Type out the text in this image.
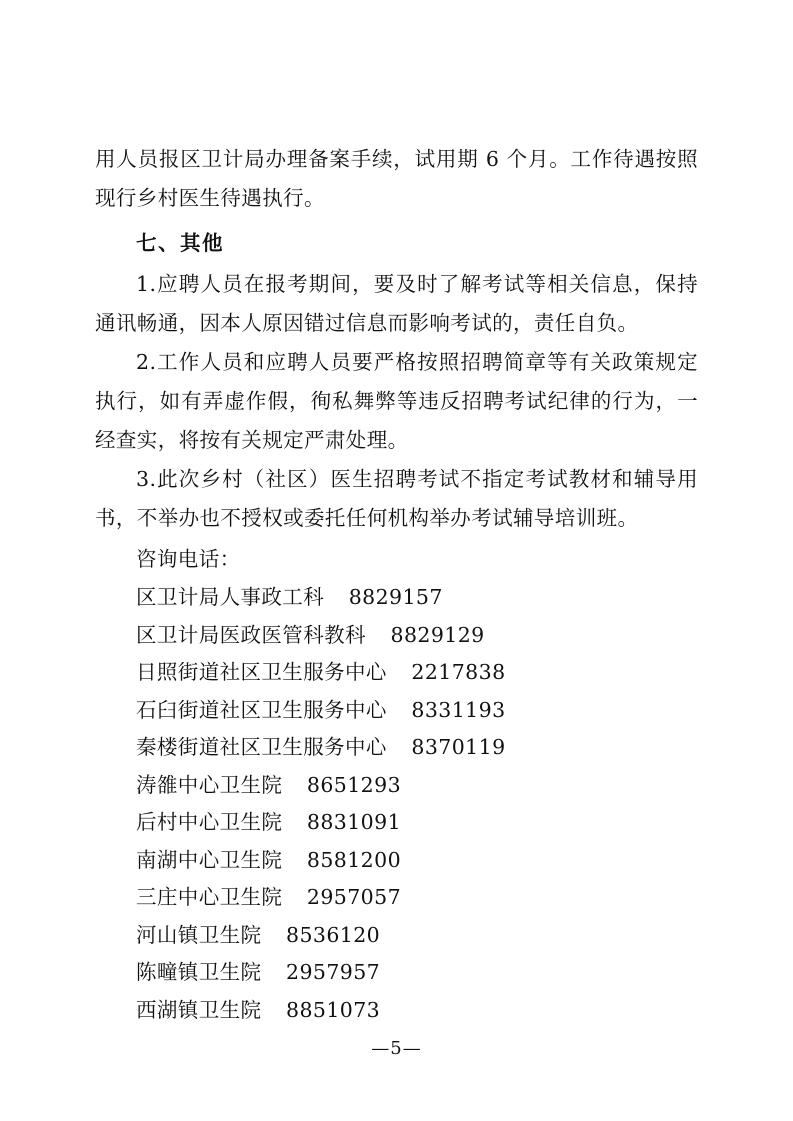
用人员报区卫计局办理备案手续，试用期 6 个月。工作待遇按照现行乡村医生待遇执行。

七、其他

1.应聘人员在报考期间，要及时了解考试等相关信息，保持通讯畅通，因本人原因错过信息而影响考试的，责任自负。

2.工作人员和应聘人员要严格按照招聘简章等有关政策规定执行，如有弄虚作假，徇私舞弊等违反招聘考试纪律的行为，一经查实，将按有关规定严肃处理。

3.此次乡村（社区）医生招聘考试不指定考试教材和辅导用书，不举办也不授权或委托任何机构举办考试辅导培训班。

咨询电话：

区卫计局人事政工科 8829157
区卫计局医政医管科教科 8829129
日照街道社区卫生服务中心 2217838
石臼街道社区卫生服务中心 8331193
秦楼街道社区卫生服务中心 8370119
涛雒中心卫生院 8651293
后村中心卫生院 8831091
南湖中心卫生院 8581200
三庄中心卫生院 2957057
河山镇卫生院 8536120
陈疃镇卫生院 2957957
西湖镇卫生院 8851073
—5—
